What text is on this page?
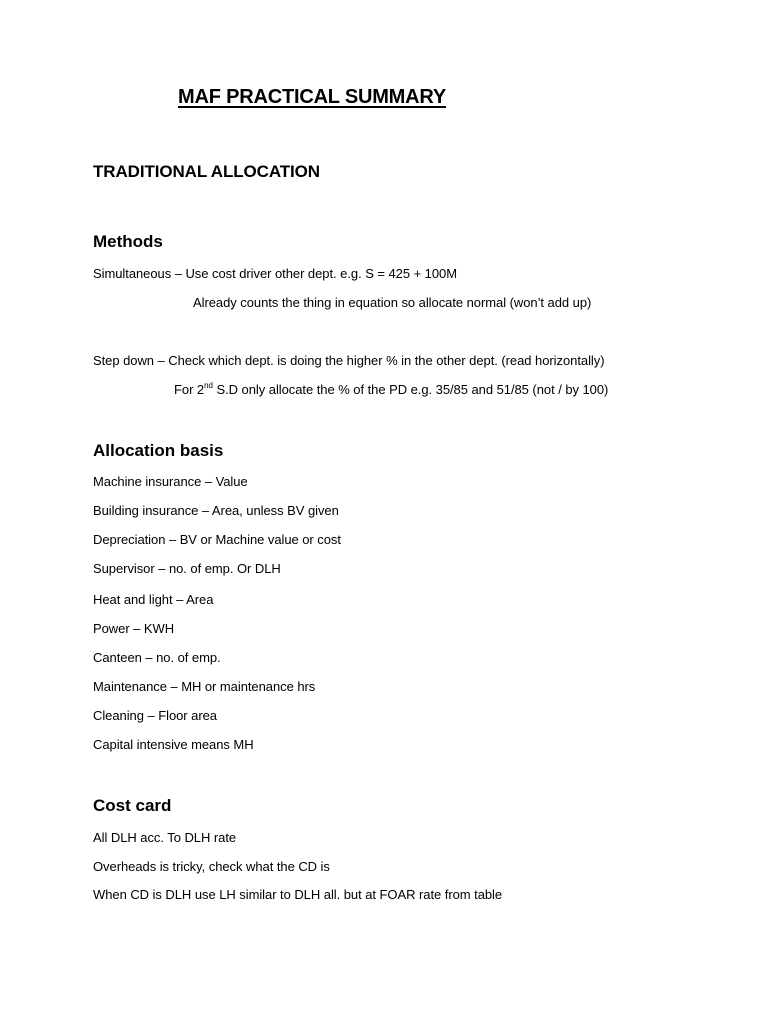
MAF PRACTICAL SUMMARY
TRADITIONAL ALLOCATION
Methods
Simultaneous – Use cost driver other dept. e.g. S = 425 + 100M
Already counts the thing in equation so allocate normal (won’t add up)
Step down – Check which dept. is doing the higher % in the other dept. (read horizontally)
For 2nd S.D only allocate the % of the PD e.g. 35/85 and 51/85 (not / by 100)
Allocation basis
Machine insurance – Value
Building insurance – Area, unless BV given
Depreciation – BV or Machine value or cost
Supervisor – no. of emp. Or DLH
Heat and light – Area
Power – KWH
Canteen – no. of emp.
Maintenance – MH or maintenance hrs
Cleaning – Floor area
Capital intensive means MH
Cost card
All DLH acc. To DLH rate
Overheads is tricky, check what the CD is
When CD is DLH use LH similar to DLH all. but at FOAR rate from table
